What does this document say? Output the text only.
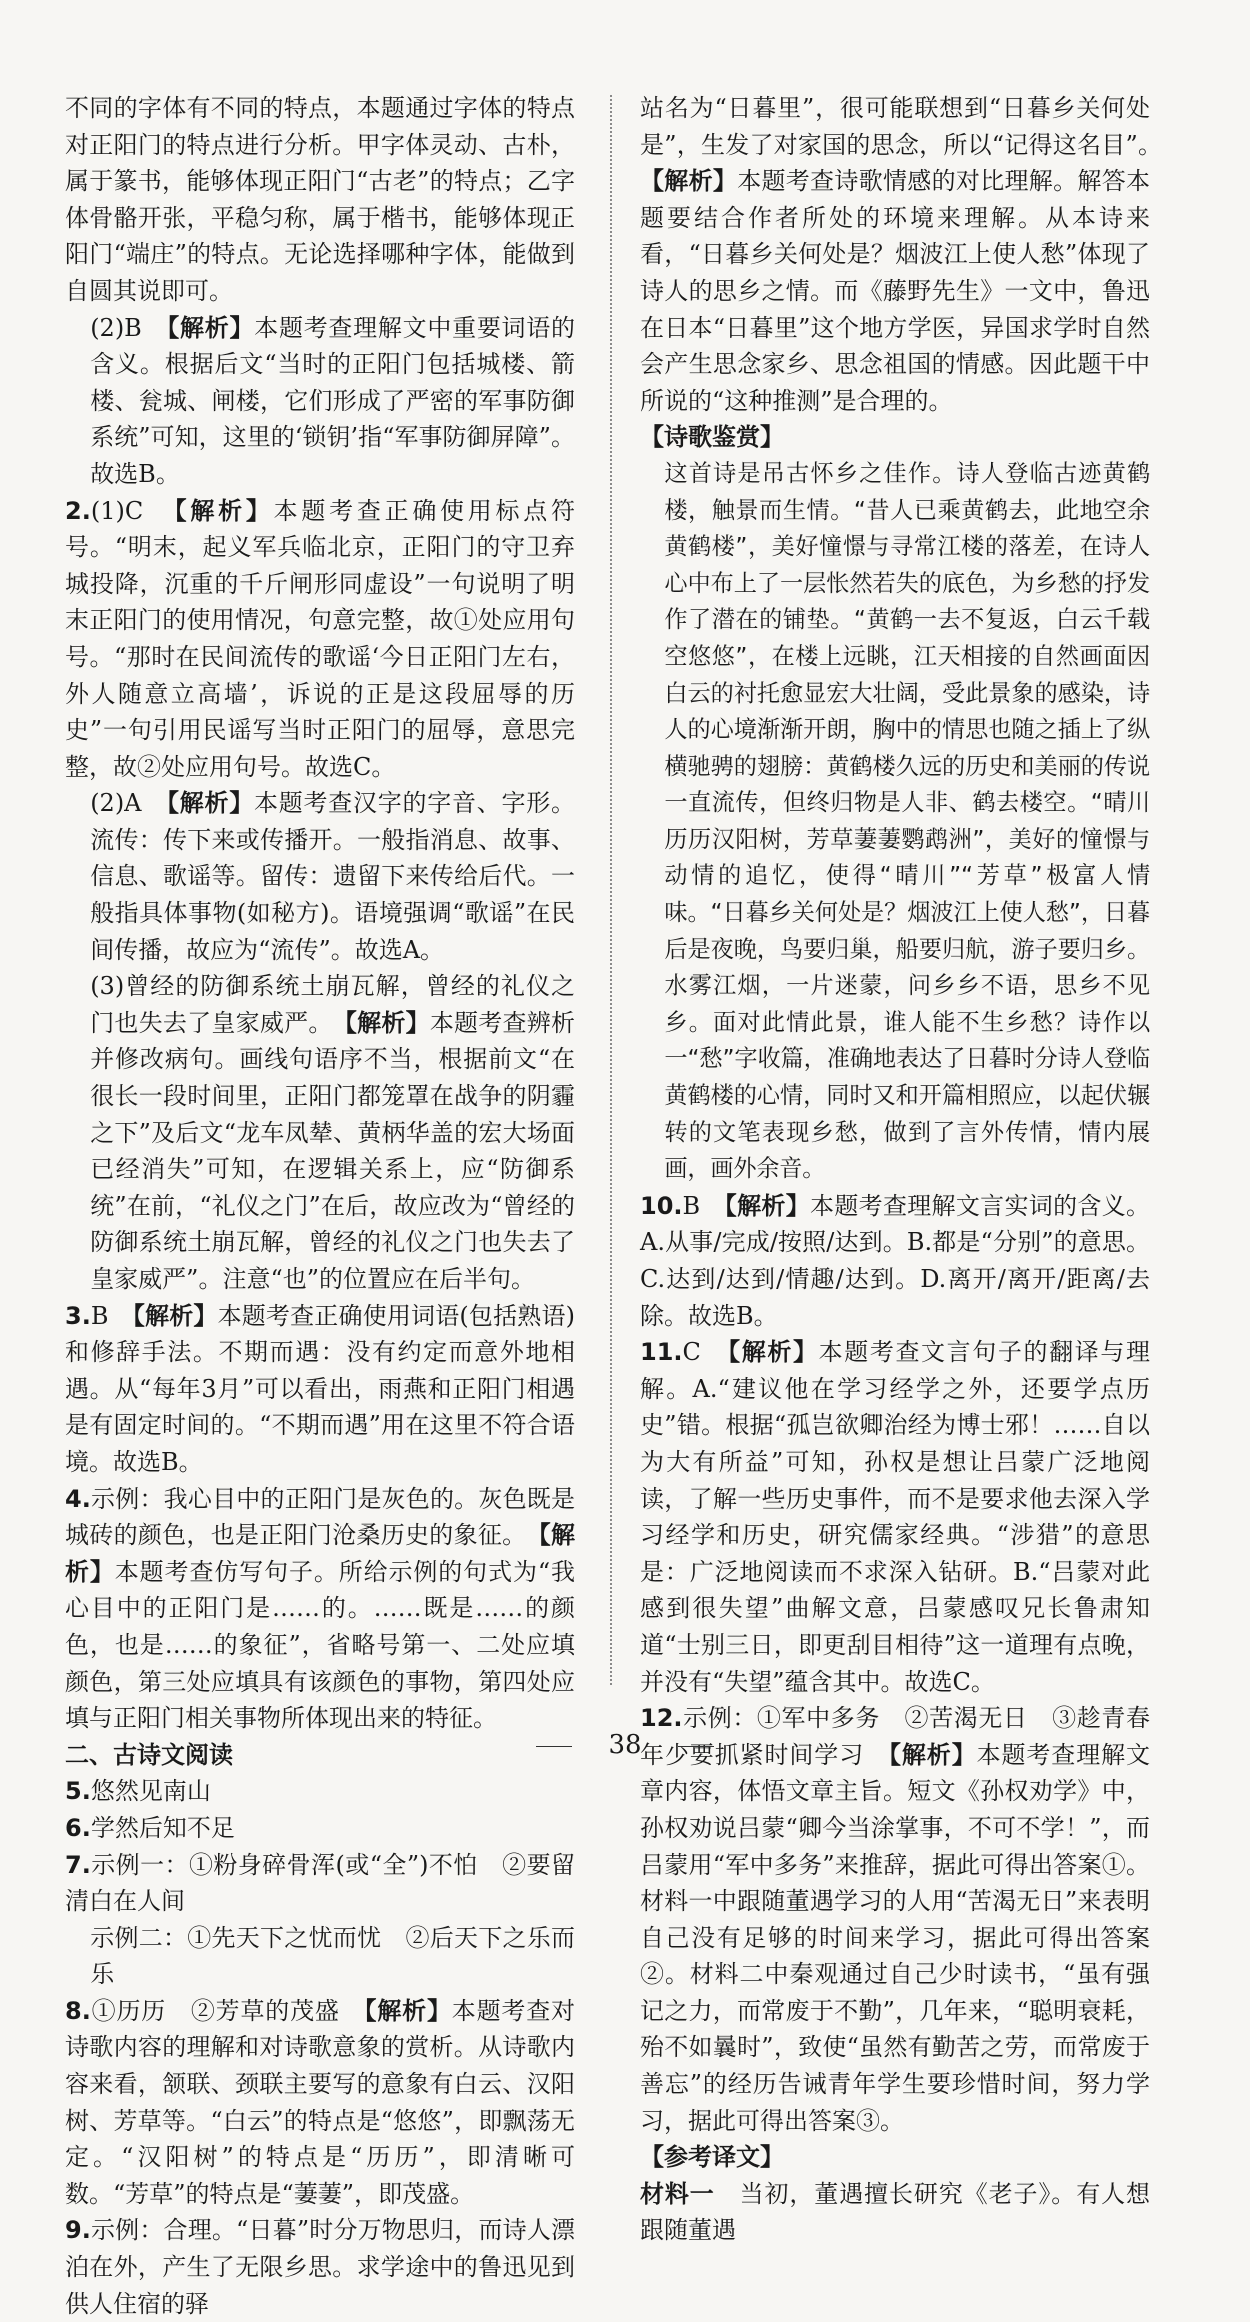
不同的字体有不同的特点，本题通过字体的特点对正阳门的特点进行分析。甲字体灵动、古朴，属于篆书，能够体现正阳门“古老”的特点；乙字体骨骼开张，平稳匀称，属于楷书，能够体现正阳门“端庄”的特点。无论选择哪种字体，能做到自圆其说即可。

(2)B　【解析】本题考查理解文中重要词语的含义。根据后文“当时的正阳门包括城楼、箭楼、瓮城、闸楼，它们形成了严密的军事防御系统”可知，这里的‘锁钥’指“军事防御屏障”。故选B。

2.(1)C　【解析】本题考查正确使用标点符号。“明末，起义军兵临北京，正阳门的守卫弃城投降，沉重的千斤闸形同虚设”一句说明了明末正阳门的使用情况，句意完整，故①处应用句号。“那时在民间流传的歌谣‘今日正阳门左右，外人随意立高墙’，诉说的正是这段屈辱的历史”一句引用民谣写当时正阳门的屈辱，意思完整，故②处应用句号。故选C。

(2)A　【解析】本题考查汉字的字音、字形。流传：传下来或传播开。一般指消息、故事、信息、歌谣等。留传：遗留下来传给后代。一般指具体事物(如秘方)。语境强调“歌谣”在民间传播，故应为“流传”。故选A。

(3)曾经的防御系统土崩瓦解，曾经的礼仪之门也失去了皇家威严。　【解析】本题考查辨析并修改病句。画线句语序不当，根据前文“在很长一段时间里，正阳门都笼罩在战争的阴霾之下”及后文“龙车凤辇、黄柄华盖的宏大场面已经消失”可知，在逻辑关系上，应“防御系统”在前，“礼仪之门”在后，故应改为“曾经的防御系统土崩瓦解，曾经的礼仪之门也失去了皇家威严”。注意“也”的位置应在后半句。

3.B　【解析】本题考查正确使用词语(包括熟语)和修辞手法。不期而遇：没有约定而意外地相遇。从“每年3月”可以看出，雨燕和正阳门相遇是有固定时间的。“不期而遇”用在这里不符合语境。故选B。

4.示例：我心目中的正阳门是灰色的。灰色既是城砖的颜色，也是正阳门沧桑历史的象征。　【解析】本题考查仿写句子。所给示例的句式为“我心目中的正阳门是……的。……既是……的颜色，也是……的象征”，省略号第一、二处应填颜色，第三处应填具有该颜色的事物，第四处应填与正阳门相关事物所体现出来的特征。

二、古诗文阅读

5.悠然见南山

6.学然后知不足

7.示例一：①粉身碎骨浑(或“全”)不怕　②要留清白在人间

示例二：①先天下之忧而忧　②后天下之乐而乐

8.①历历　②芳草的茂盛　【解析】本题考查对诗歌内容的理解和对诗歌意象的赏析。从诗歌内容来看，颔联、颈联主要写的意象有白云、汉阳树、芳草等。“白云”的特点是“悠悠”，即飘荡无定。“汉阳树”的特点是“历历”，即清晰可数。“芳草”的特点是“萋萋”，即茂盛。

9.示例：合理。“日暮”时分万物思归，而诗人漂泊在外，产生了无限乡思。求学途中的鲁迅见到供人住宿的驿

站名为“日暮里”，很可能联想到“日暮乡关何处是”，生发了对家国的思念，所以“记得这名目”。　【解析】本题考查诗歌情感的对比理解。解答本题要结合作者所处的环境来理解。从本诗来看，“日暮乡关何处是？烟波江上使人愁”体现了诗人的思乡之情。而《藤野先生》一文中，鲁迅在日本“日暮里”这个地方学医，异国求学时自然会产生思念家乡、思念祖国的情感。因此题干中所说的“这种推测”是合理的。

【诗歌鉴赏】

这首诗是吊古怀乡之佳作。诗人登临古迹黄鹤楼，触景而生情。“昔人已乘黄鹤去，此地空余黄鹤楼”，美好憧憬与寻常江楼的落差，在诗人心中布上了一层怅然若失的底色，为乡愁的抒发作了潜在的铺垫。“黄鹤一去不复返，白云千载空悠悠”，在楼上远眺，江天相接的自然画面因白云的衬托愈显宏大壮阔，受此景象的感染，诗人的心境渐渐开朗，胸中的情思也随之插上了纵横驰骋的翅膀：黄鹤楼久远的历史和美丽的传说一直流传，但终归物是人非、鹤去楼空。“晴川历历汉阳树，芳草萋萋鹦鹉洲”，美好的憧憬与动情的追忆，使得“晴川”“芳草”极富人情味。“日暮乡关何处是？烟波江上使人愁”，日暮后是夜晚，鸟要归巢，船要归航，游子要归乡。水雾江烟，一片迷蒙，问乡乡不语，思乡不见乡。面对此情此景，谁人能不生乡愁？诗作以一“愁”字收篇，准确地表达了日暮时分诗人登临黄鹤楼的心情，同时又和开篇相照应，以起伏辗转的文笔表现乡愁，做到了言外传情，情内展画，画外余音。

10.B　【解析】本题考查理解文言实词的含义。A.从事/完成/按照/达到。B.都是“分别”的意思。C.达到/达到/情趣/达到。D.离开/离开/距离/去除。故选B。

11.C　【解析】本题考查文言句子的翻译与理解。A.“建议他在学习经学之外，还要学点历史”错。根据“孤岂欲卿治经为博士邪！……自以为大有所益”可知，孙权是想让吕蒙广泛地阅读，了解一些历史事件，而不是要求他去深入学习经学和历史，研究儒家经典。“涉猎”的意思是：广泛地阅读而不求深入钻研。B.“吕蒙对此感到很失望”曲解文意，吕蒙感叹兄长鲁肃知道“士别三日，即更刮目相待”这一道理有点晚，并没有“失望”蕴含其中。故选C。

12.示例：①军中多务　②苦渴无日　③趁青春年少要抓紧时间学习　【解析】本题考查理解文章内容，体悟文章主旨。短文《孙权劝学》中，孙权劝说吕蒙“卿今当涂掌事，不可不学！”，而吕蒙用“军中多务”来推辞，据此可得出答案①。材料一中跟随董遇学习的人用“苦渴无日”来表明自己没有足够的时间来学习，据此可得出答案②。材料二中秦观通过自己少时读书，“虽有强记之力，而常废于不勤”，几年来，“聪明衰耗，殆不如曩时”，致使“虽然有勤苦之劳，而常废于善忘”的经历告诫青年学生要珍惜时间，努力学习，据此可得出答案③。

【参考译文】

材料一　当初，董遇擅长研究《老子》。有人想跟随董遇

38
